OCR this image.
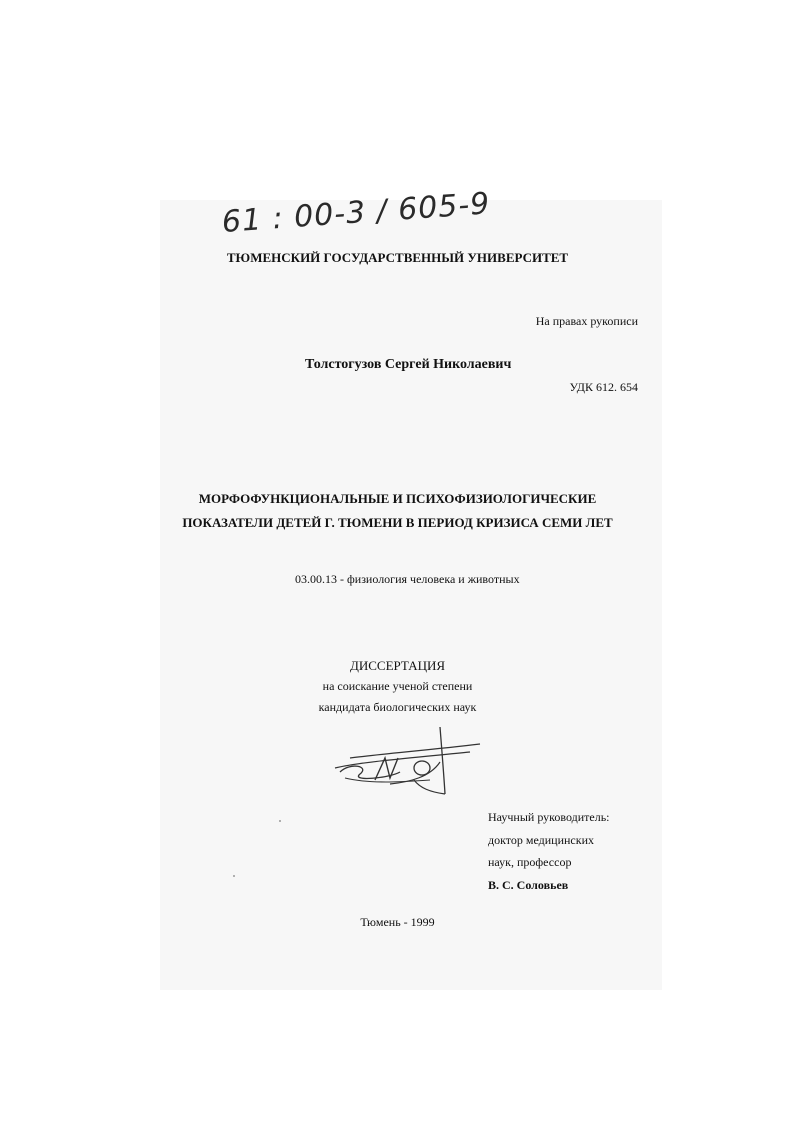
61 : 00-3 / 605-9
ТЮМЕНСКИЙ ГОСУДАРСТВЕННЫЙ УНИВЕРСИТЕТ
На правах рукописи
Толстогузов Сергей Николаевич
УДК 612. 654
МОРФОФУНКЦИОНАЛЬНЫЕ И ПСИХОФИЗИОЛОГИЧЕСКИЕ
ПОКАЗАТЕЛИ ДЕТЕЙ Г. ТЮМЕНИ В ПЕРИОД КРИЗИСА СЕМИ ЛЕТ
03.00.13 - физиология человека и животных
ДИССЕРТАЦИЯ
на соискание ученой степени
кандидата биологических наук
Научный руководитель:
доктор медицинских
наук, профессор
В. С. Соловьев
Тюмень - 1999
